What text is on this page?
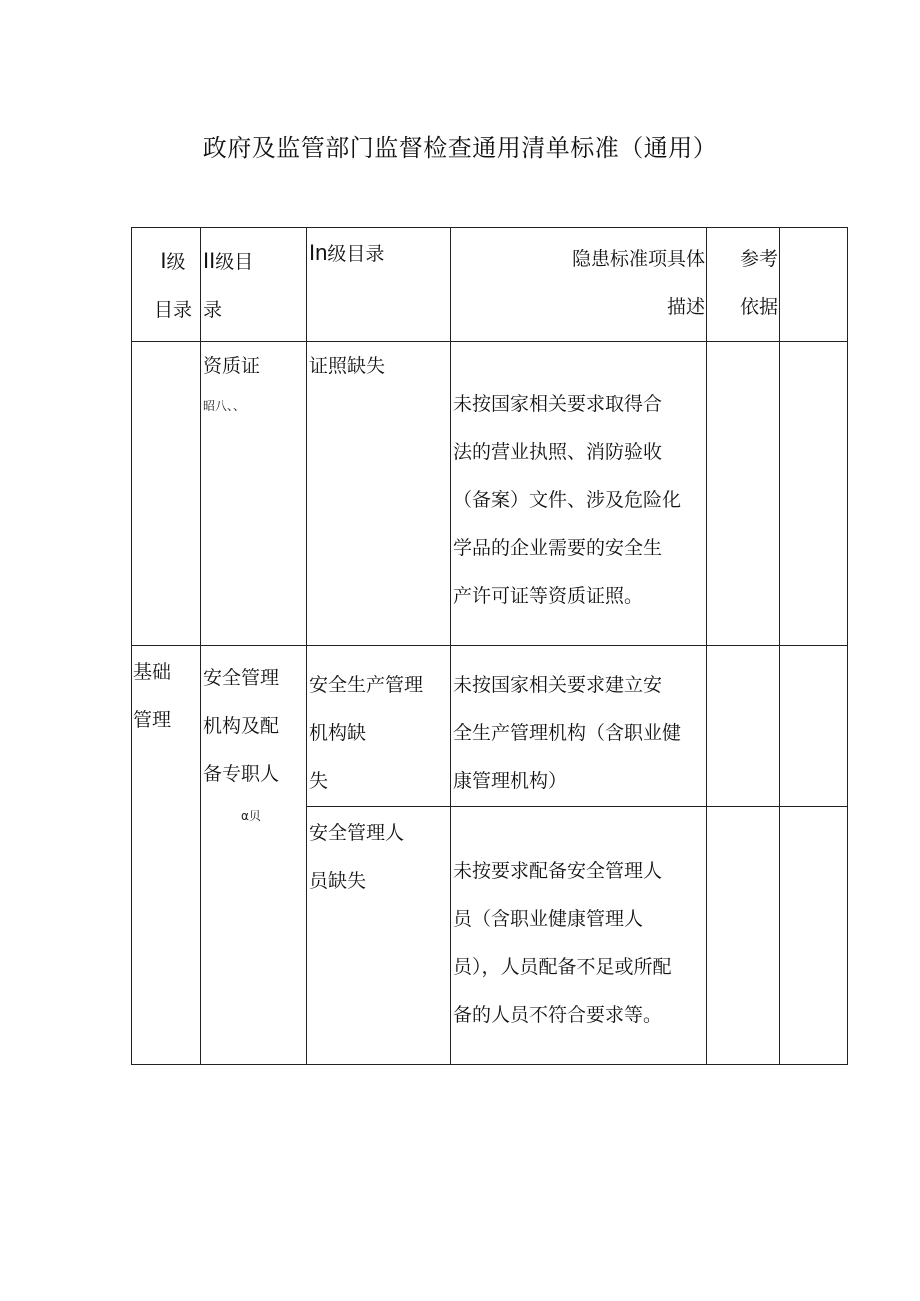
政府及监管部门监督检查通用清单标准（通用）
I级
目录
II级目
录
In级目录	隐患标准项具体
描述
参考
依据
资质证
昭八、、
证照缺失
未按国家相关要求取得合
法的营业执照、消防验收
（备案）文件、涉及危险化
学品的企业需要的安全生
产许可证等资质证照。
基础
管理
安全管理
机构及配
备专职人
α贝
安全生产管理
机构缺
失
未按国家相关要求建立安
全生产管理机构（含职业健
康管理机构）
安全管理人
员缺失	未按要求配备安全管理人
员（含职业健康管理人
员），人员配备不足或所配
备的人员不符合要求等。
